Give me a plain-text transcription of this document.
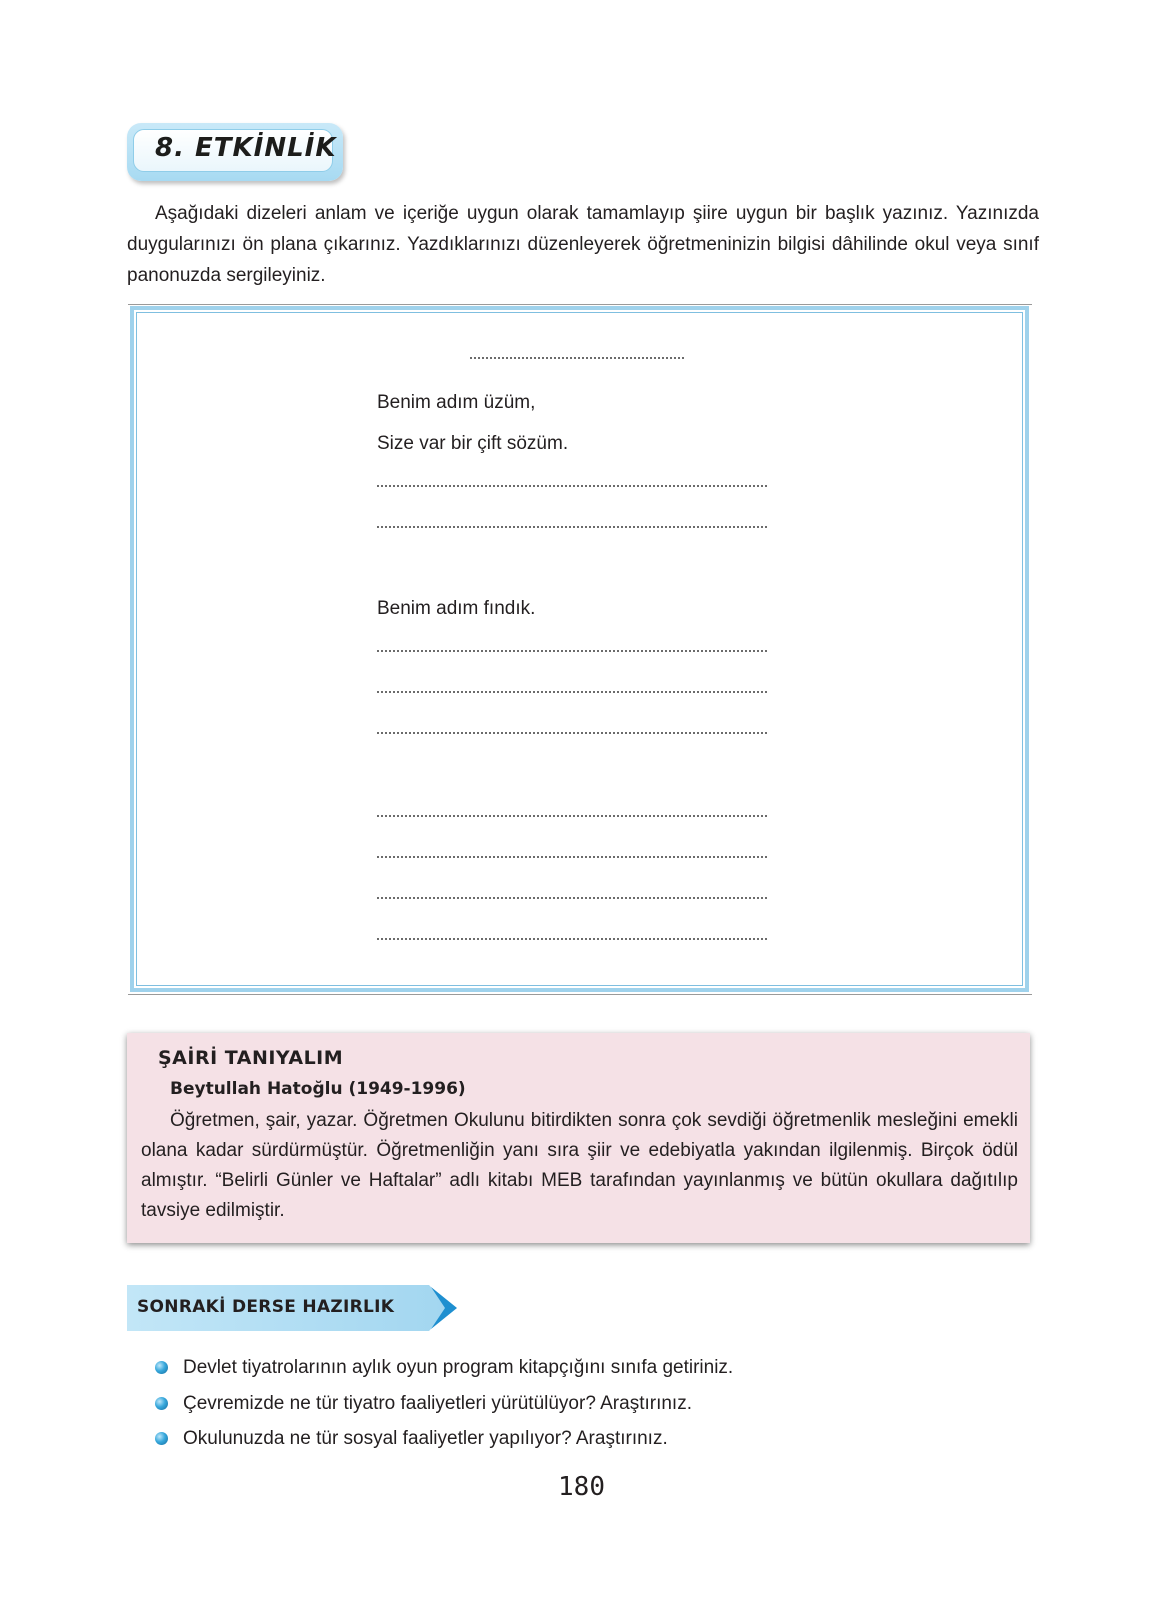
8. ETKİNLİK

Aşağıdaki dizeleri anlam ve içeriğe uygun olarak tamamlayıp şiire uygun bir başlık yazınız. Yazınızda duygularınızı ön plana çıkarınız. Yazdıklarınızı düzenleyerek öğretmeninizin bilgisi dâhilinde okul veya sınıf panonuzda sergileyiniz.

Benim adım üzüm,
Size var bir çift sözüm.
Benim adım fındık.
ŞAİRİ TANIYALIM
Beytullah Hatoğlu (1949-1996)

Öğretmen, şair, yazar. Öğretmen Okulunu bitirdikten sonra çok sevdiği öğretmenlik mesleğini emekli olana kadar sürdürmüştür. Öğretmenliğin yanı sıra şiir ve edebiyatla yakından ilgilenmiş. Birçok ödül almıştır. “Belirli Günler ve Haftalar” adlı kitabı MEB tarafından yayınlanmış ve bütün okullara dağıtılıp tavsiye edilmiştir.

SONRAKİ DERSE HAZIRLIK
Devlet tiyatrolarının aylık oyun program kitapçığını sınıfa getiriniz.
Çevremizde ne tür tiyatro faaliyetleri yürütülüyor? Araştırınız.
Okulunuzda ne tür sosyal faaliyetler yapılıyor? Araştırınız.
180
